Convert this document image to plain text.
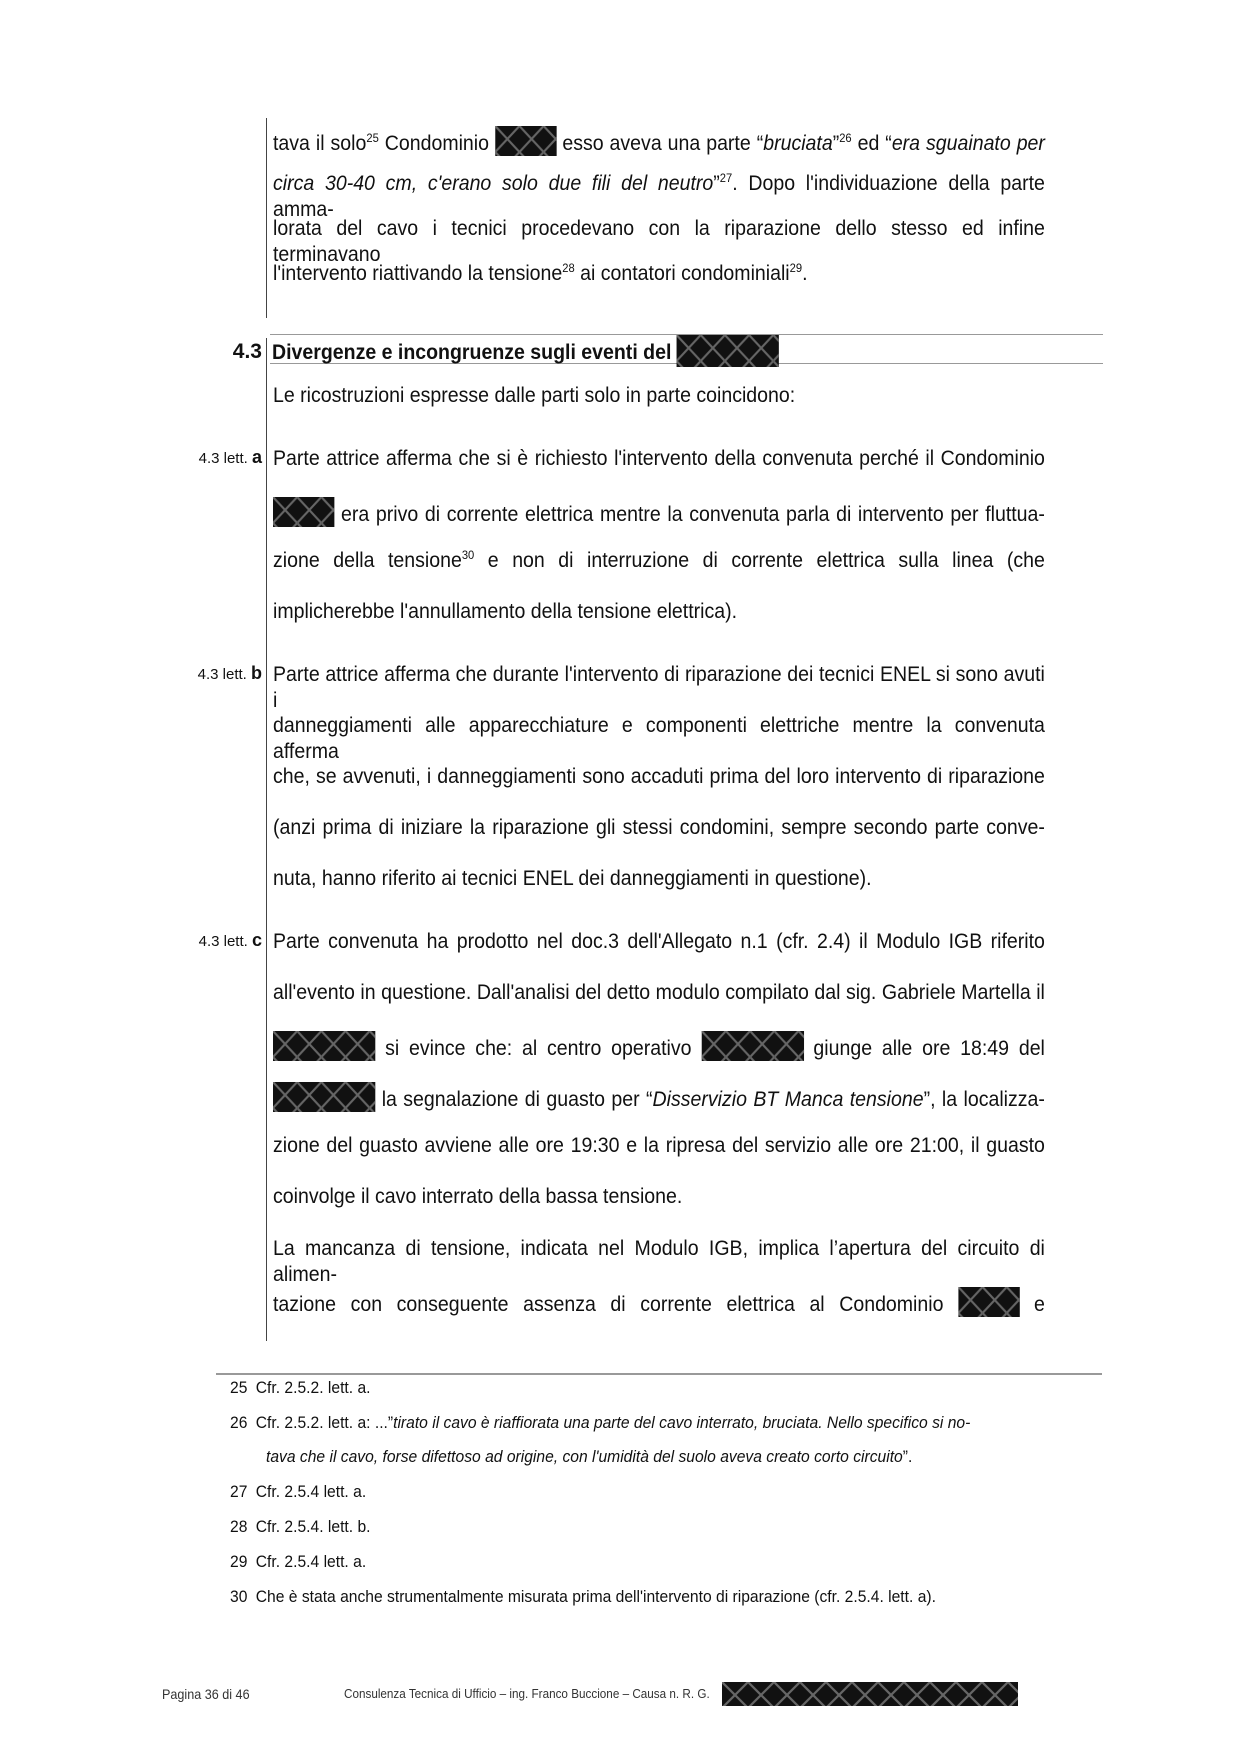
tava il solo$^{25}$ Condominio	esso aveva una parte “bruciata”$^{26}$ ed “era sguainato per
circa 30-40 cm, c'erano solo due fili del neutro”$^{27}$. Dopo l'individuazione della parte amma-
lorata del cavo i tecnici procedevano con la riparazione dello stesso ed infine terminavano
l'intervento riattivando la tensione$^{28}$ ai contatori condominiali$^{29}$.
4.3 Divergenze e incongruenze sugli eventi del
Le ricostruzioni espresse dalle parti solo in parte coincidono:
4.3 lett. a Parte attrice afferma che si è richiesto l'intervento della convenuta perché il Condominio
era privo di corrente elettrica mentre la convenuta parla di intervento per fluttua-
zione della tensione$^{30}$ e non di interruzione di corrente elettrica sulla linea (che
implicherebbe l'annullamento della tensione elettrica).
4.3 lett. b Parte attrice afferma che durante l'intervento di riparazione dei tecnici ENEL si sono avuti i
danneggiamenti alle apparecchiature e componenti elettriche mentre la convenuta afferma
che, se avvenuti, i danneggiamenti sono accaduti prima del loro intervento di riparazione
(anzi prima di iniziare la riparazione gli stessi condomini, sempre secondo parte conve-
nuta, hanno riferito ai tecnici ENEL dei danneggiamenti in questione).
4.3 lett. c Parte convenuta ha prodotto nel doc.3 dell'Allegato n.1 (cfr. 2.4) il Modulo IGB riferito
all'evento in questione. Dall'analisi del detto modulo compilato dal sig. Gabriele Martella il
si evince che: al centro operativo	giunge alle ore 18:49 del
la segnalazione di guasto per “Disservizio BT Manca tensione”, la localizza-
zione del guasto avviene alle ore 19:30 e la ripresa del servizio alle ore 21:00, il guasto
coinvolge il cavo interrato della bassa tensione.
La mancanza di tensione, indicata nel Modulo IGB, implica l’apertura del circuito di alimen-
tazione con conseguente assenza di corrente elettrica al Condominio	e
25 Cfr. 2.5.2. lett. a.
26 Cfr. 2.5.2. lett. a: ...”tirato il cavo è riaffiorata una parte del cavo interrato, bruciata. Nello specifico si no-
tava che il cavo, forse difettoso ad origine, con l'umidità del suolo aveva creato corto circuito”.
27 Cfr. 2.5.4 lett. a.
28 Cfr. 2.5.4. lett. b.
29 Cfr. 2.5.4 lett. a.
30 Che è stata anche strumentalmente misurata prima dell'intervento di riparazione (cfr. 2.5.4. lett. a).
Pagina 36 di 46	Consulenza Tecnica di Ufficio – ing. Franco Buccione – Causa n. R. G.
